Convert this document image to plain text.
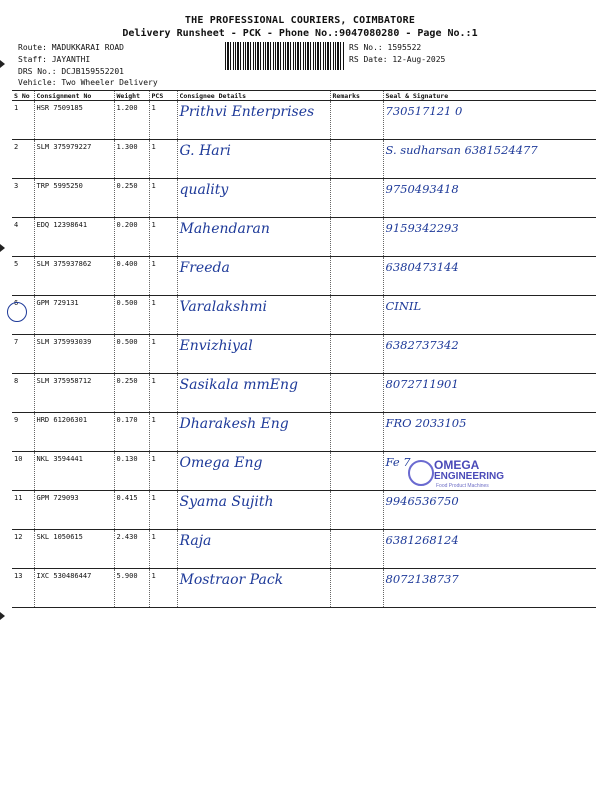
THE PROFESSIONAL COURIERS, COIMBATORE
Delivery Runsheet - PCK - Phone No.:9047080280 - Page No.:1
Route: MADUKKARAI ROAD
Staff: JAYANTHI
DRS No.: DCJB159552201
Vehicle: Two Wheeler Delivery
RS No.: 1595522
RS Date: 12-Aug-2025
S No	Consignment No	Weight	PCS	Consignee Details	Remarks	Seal & Signature
1	HSR 7509185	1.200	1	Prithvi Enterprises		730517121 0
2	SLM 375979227	1.300	1	G. Hari		S. sudharsan 6381524477
3	TRP 5995250	0.250	1	quality		9750493418
4	EDQ 12398641	0.200	1	Mahendaran		9159342293
5	SLM 375937862	0.400	1	Freeda		6380473144
6	GPM 729131	0.500	1	Varalakshmi		CINIL
7	SLM 375993039	0.500	1	Envizhiyal		6382737342
8	SLM 375958712	0.250	1	Sasikala mmEng		8072711901
9	HRD 61206301	0.170	1	Dharakesh Eng		FRO 2033105
10	NKL 3594441	0.130	1	Omega Eng		Fe 7
11	GPM 729093	0.415	1	Syama Sujith		9946536750
12	SKL 1050615	2.430	1	Raja		6381268124
13	IXC 530486447	5.900	1	Mostraor Pack		8072138737
OMEGA
ENGINEERING
Food Product Machines
